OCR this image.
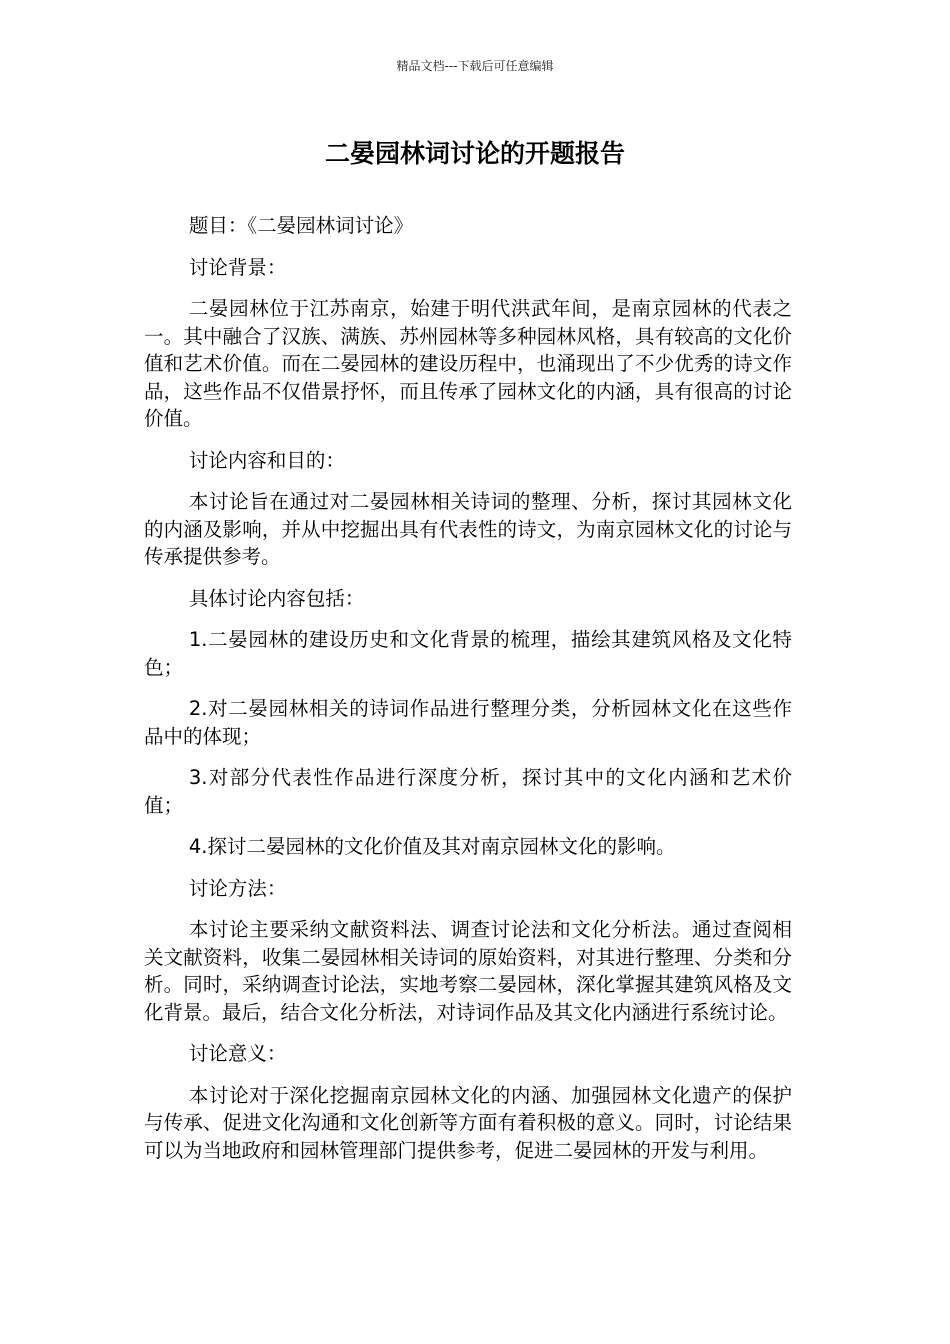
精品文档---下载后可任意编辑
二晏园林词讨论的开题报告

题目：《二晏园林词讨论》

讨论背景：

二晏园林位于江苏南京，始建于明代洪武年间，是南京园林的代表之一。其中融合了汉族、满族、苏州园林等多种园林风格，具有较高的文化价值和艺术价值。而在二晏园林的建设历程中，也涌现出了不少优秀的诗文作品，这些作品不仅借景抒怀，而且传承了园林文化的内涵，具有很高的讨论价值。

讨论内容和目的：

本讨论旨在通过对二晏园林相关诗词的整理、分析，探讨其园林文化的内涵及影响，并从中挖掘出具有代表性的诗文，为南京园林文化的讨论与传承提供参考。

具体讨论内容包括：

1.二晏园林的建设历史和文化背景的梳理，描绘其建筑风格及文化特色；

2.对二晏园林相关的诗词作品进行整理分类，分析园林文化在这些作品中的体现；

3.对部分代表性作品进行深度分析，探讨其中的文化内涵和艺术价值；

4.探讨二晏园林的文化价值及其对南京园林文化的影响。

讨论方法：

本讨论主要采纳文献资料法、调查讨论法和文化分析法。通过查阅相关文献资料，收集二晏园林相关诗词的原始资料，对其进行整理、分类和分析。同时，采纳调查讨论法，实地考察二晏园林，深化掌握其建筑风格及文化背景。最后，结合文化分析法，对诗词作品及其文化内涵进行系统讨论。

讨论意义：

本讨论对于深化挖掘南京园林文化的内涵、加强园林文化遗产的保护与传承、促进文化沟通和文化创新等方面有着积极的意义。同时，讨论结果可以为当地政府和园林管理部门提供参考，促进二晏园林的开发与利用。
